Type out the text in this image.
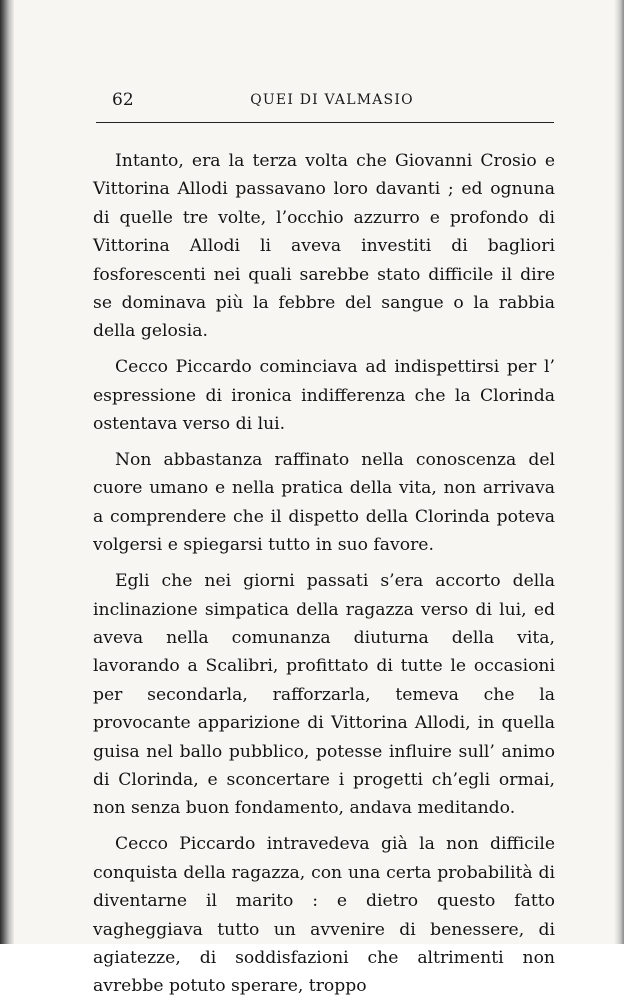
62	QUEI DI VALMASIO

Intanto, era la terza volta che Giovanni Crosio e Vittorina Allodi passavano loro davanti ; ed ognuna di quelle tre volte, l’occhio azzurro e profondo di Vittorina Allodi li aveva investiti di bagliori fosforescenti nei quali sarebbe stato difficile il dire se dominava più la febbre del sangue o la rabbia della gelosia.

Cecco Piccardo cominciava ad indispettirsi per l’ espressione di ironica indifferenza che la Clorinda ostentava verso di lui.

Non abbastanza raffinato nella conoscenza del cuore umano e nella pratica della vita, non arrivava a comprendere che il dispetto della Clorinda poteva volgersi e spiegarsi tutto in suo favore.

Egli che nei giorni passati s’era accorto della inclinazione simpatica della ragazza verso di lui, ed aveva nella comunanza diuturna della vita, lavorando a Scalibri, profittato di tutte le occasioni per secondarla, rafforzarla, temeva che la provocante apparizione di Vittorina Allodi, in quella guisa nel ballo pubblico, potesse influire sull’ animo di Clorinda, e sconcertare i progetti ch’egli ormai, non senza buon fondamento, andava meditando.

Cecco Piccardo intravedeva già la non difficile conquista della ragazza, con una certa probabilità di diventarne il marito : e dietro questo fatto vagheggiava tutto un avvenire di benessere, di agiatezze, di soddisfazioni che altrimenti non avrebbe potuto sperare, troppo
